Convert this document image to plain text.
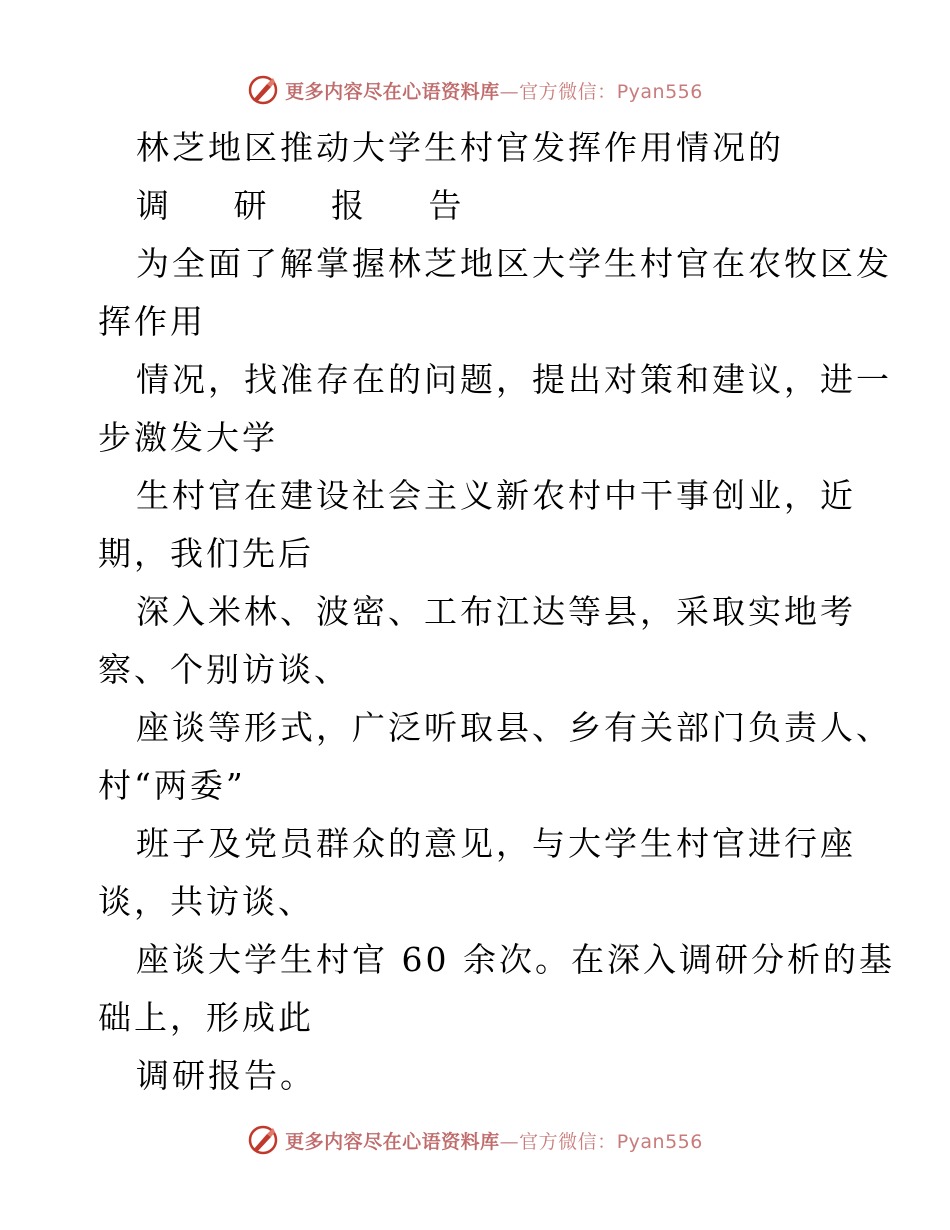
更多内容尽在心语资料库—官方微信：Pyan556
林芝地区推动大学生村官发挥作用情况的
调 研 报 告
为全面了解掌握林芝地区大学生村官在农牧区发
挥作用
情况，找准存在的问题，提出对策和建议，进一
步激发大学
生村官在建设社会主义新农村中干事创业，近
期，我们先后
深入米林、波密、工布江达等县，采取实地考
察、个别访谈、
座谈等形式，广泛听取县、乡有关部门负责人、
村“两委”
班子及党员群众的意见，与大学生村官进行座
谈，共访谈、
座谈大学生村官 60 余次。在深入调研分析的基
础上，形成此
调研报告。
更多内容尽在心语资料库—官方微信：Pyan556
